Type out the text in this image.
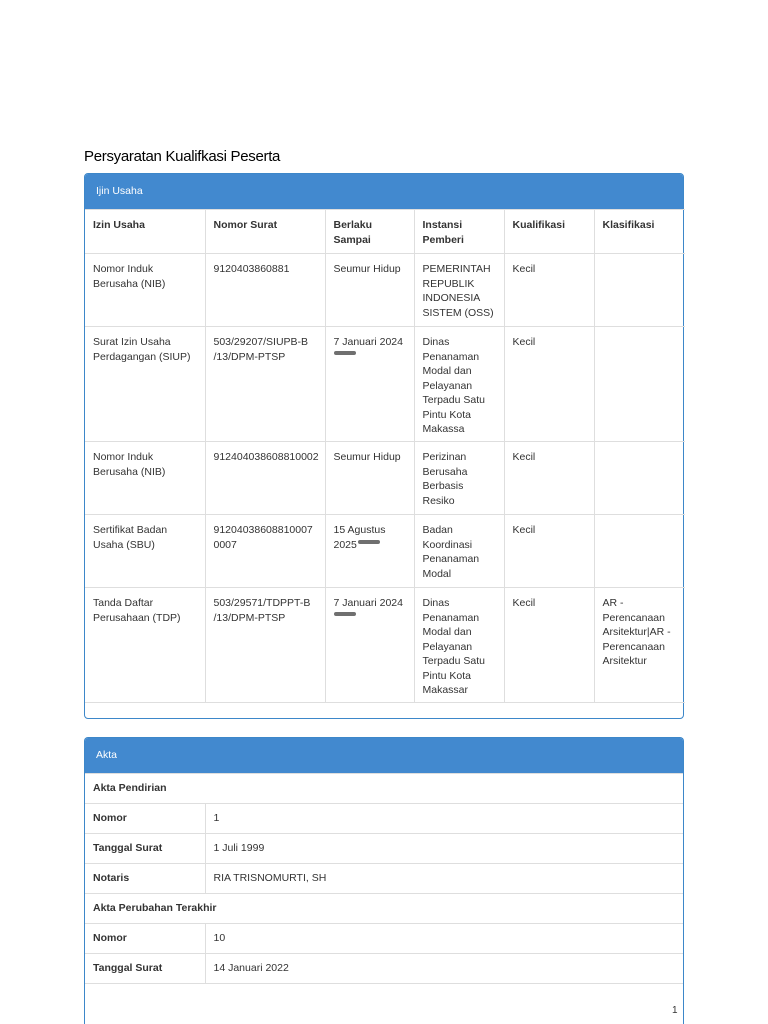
Persyaratan Kualifkasi Peserta
Ijin Usaha
Izin Usaha	Nomor Surat	Berlaku Sampai	Instansi Pemberi	Kualifikasi	Klasifikasi
Nomor Induk Berusaha (NIB)	9120403860881	Seumur Hidup	PEMERINTAH REPUBLIK INDONESIA SISTEM (OSS)	Kecil	
Surat Izin Usaha Perdagangan (SIUP)	503/29207/SIUPB-B /13/DPM-PTSP	7 Januari 2024	Dinas Penanaman Modal dan Pelayanan Terpadu Satu Pintu Kota Makassa	Kecil	
Nomor Induk Berusaha (NIB)	912404038608810002	Seumur Hidup	Perizinan Berusaha Berbasis Resiko	Kecil	
Sertifikat Badan Usaha (SBU)	91204038608810007 0007	15 Agustus 2025	Badan Koordinasi Penanaman Modal	Kecil	
Tanda Daftar Perusahaan (TDP)	503/29571/TDPPT-B /13/DPM-PTSP	7 Januari 2024	Dinas Penanaman Modal dan Pelayanan Terpadu Satu Pintu Kota Makassar	Kecil	AR - Perencanaan Arsitektur|AR - Perencanaan Arsitektur
Akta
Akta Pendirian	
Nomor	1
Tanggal Surat	1 Juli 1999
Notaris	RIA TRISNOMURTI, SH
Akta Perubahan Terakhir	
Nomor	10
Tanggal Surat	14 Januari 2022
1
